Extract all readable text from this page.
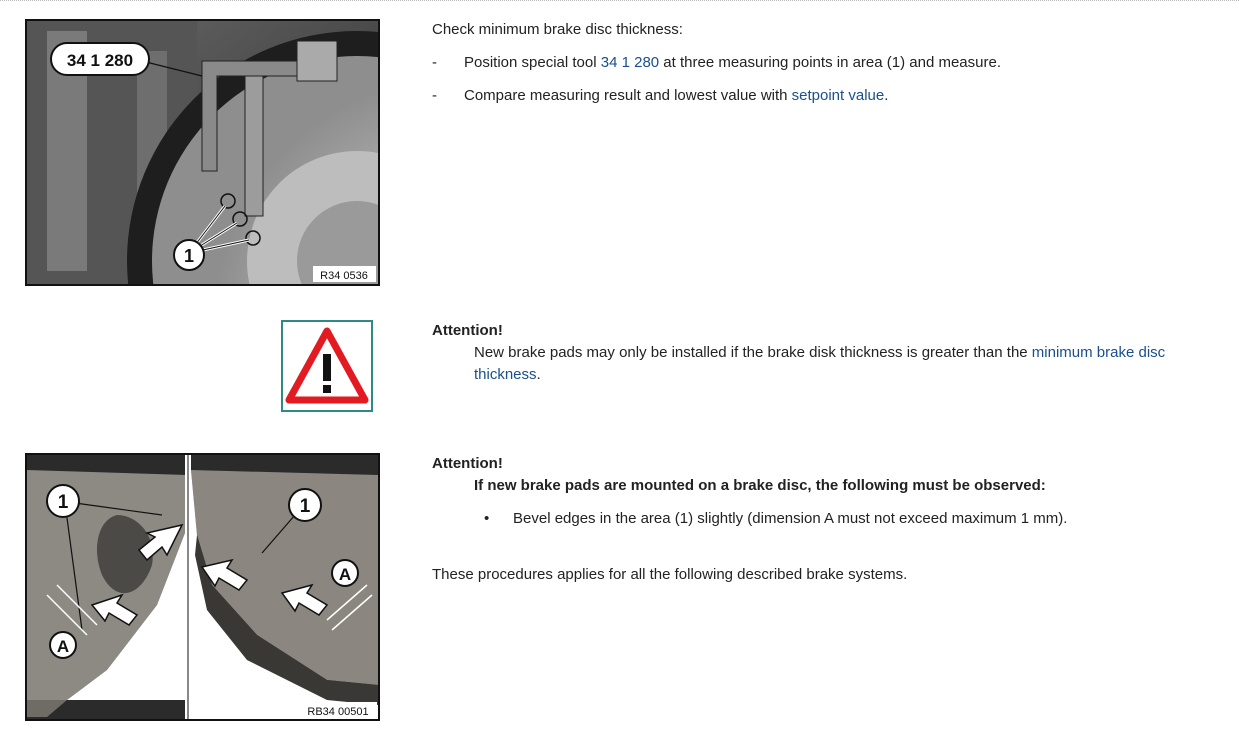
34 1 280
1
R34 0536
Check minimum brake disc thickness:
- Position special tool 34 1 280 at three measuring points in area (1) and measure.
- Compare measuring result and lowest value with setpoint value.
Attention!
New brake pads may only be installed if the brake disk thickness is greater than the minimum brake disc thickness.
1	1
A
A
RB34 00501
Attention!
If new brake pads are mounted on a brake disc, the following must be observed:
• Bevel edges in the area (1) slightly (dimension A must not exceed maximum 1 mm).
These procedures applies for all the following described brake systems.
